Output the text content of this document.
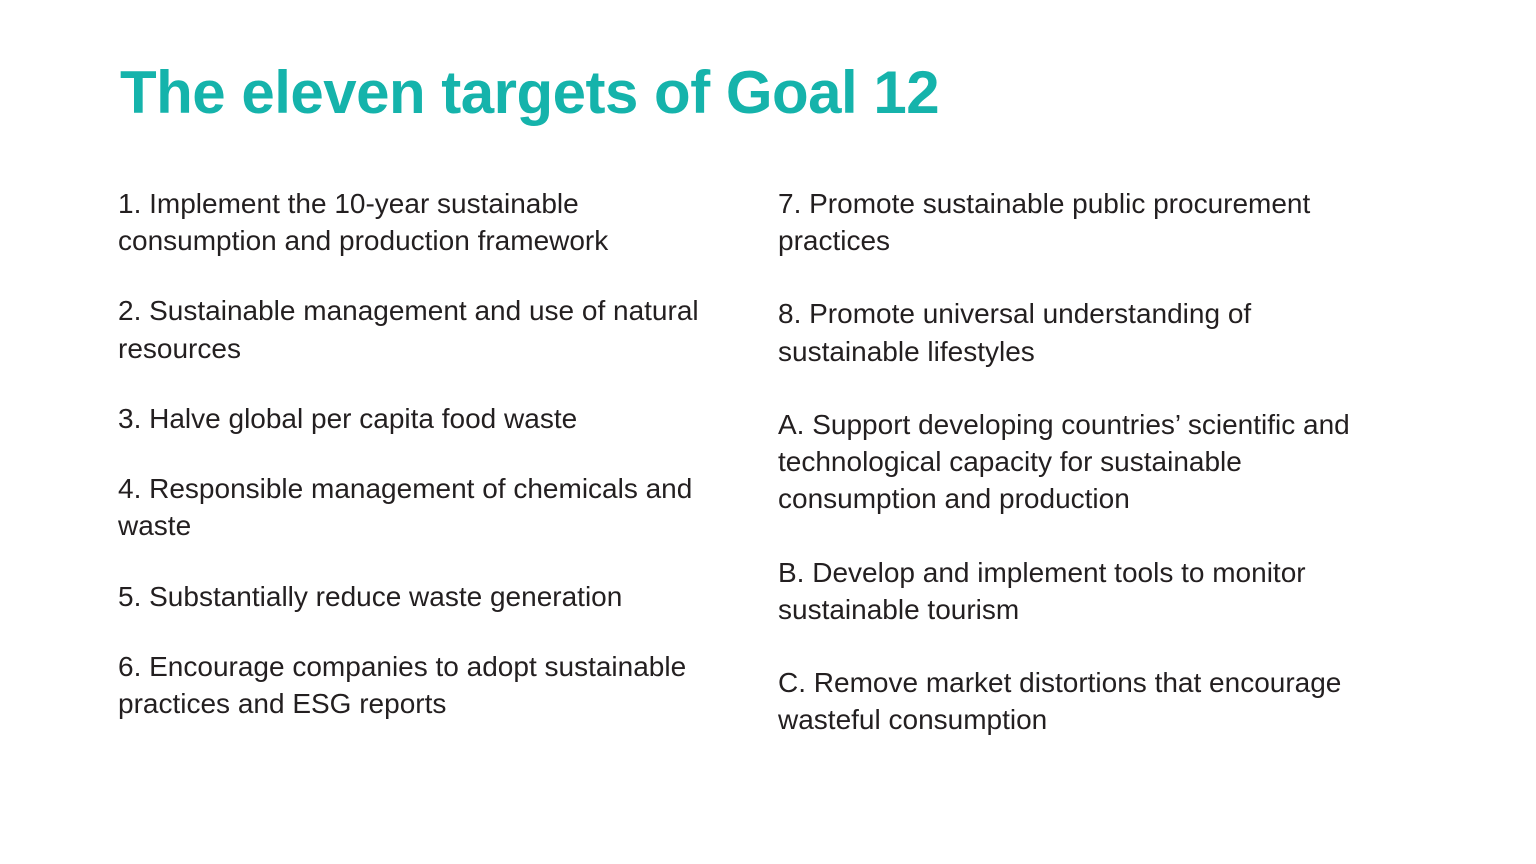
The eleven targets of Goal 12
1. Implement the 10-year sustainable consumption and production framework
2. Sustainable management and use of natural resources
3. Halve global per capita food waste
4. Responsible management of chemicals and waste
5. Substantially reduce waste generation
6. Encourage companies to adopt sustainable practices and ESG reports
7. Promote sustainable public procurement practices
8. Promote universal understanding of sustainable lifestyles
A. Support developing countries’ scientific and technological capacity for sustainable consumption and production
B. Develop and implement tools to monitor sustainable tourism
C. Remove market distortions that encourage wasteful consumption
